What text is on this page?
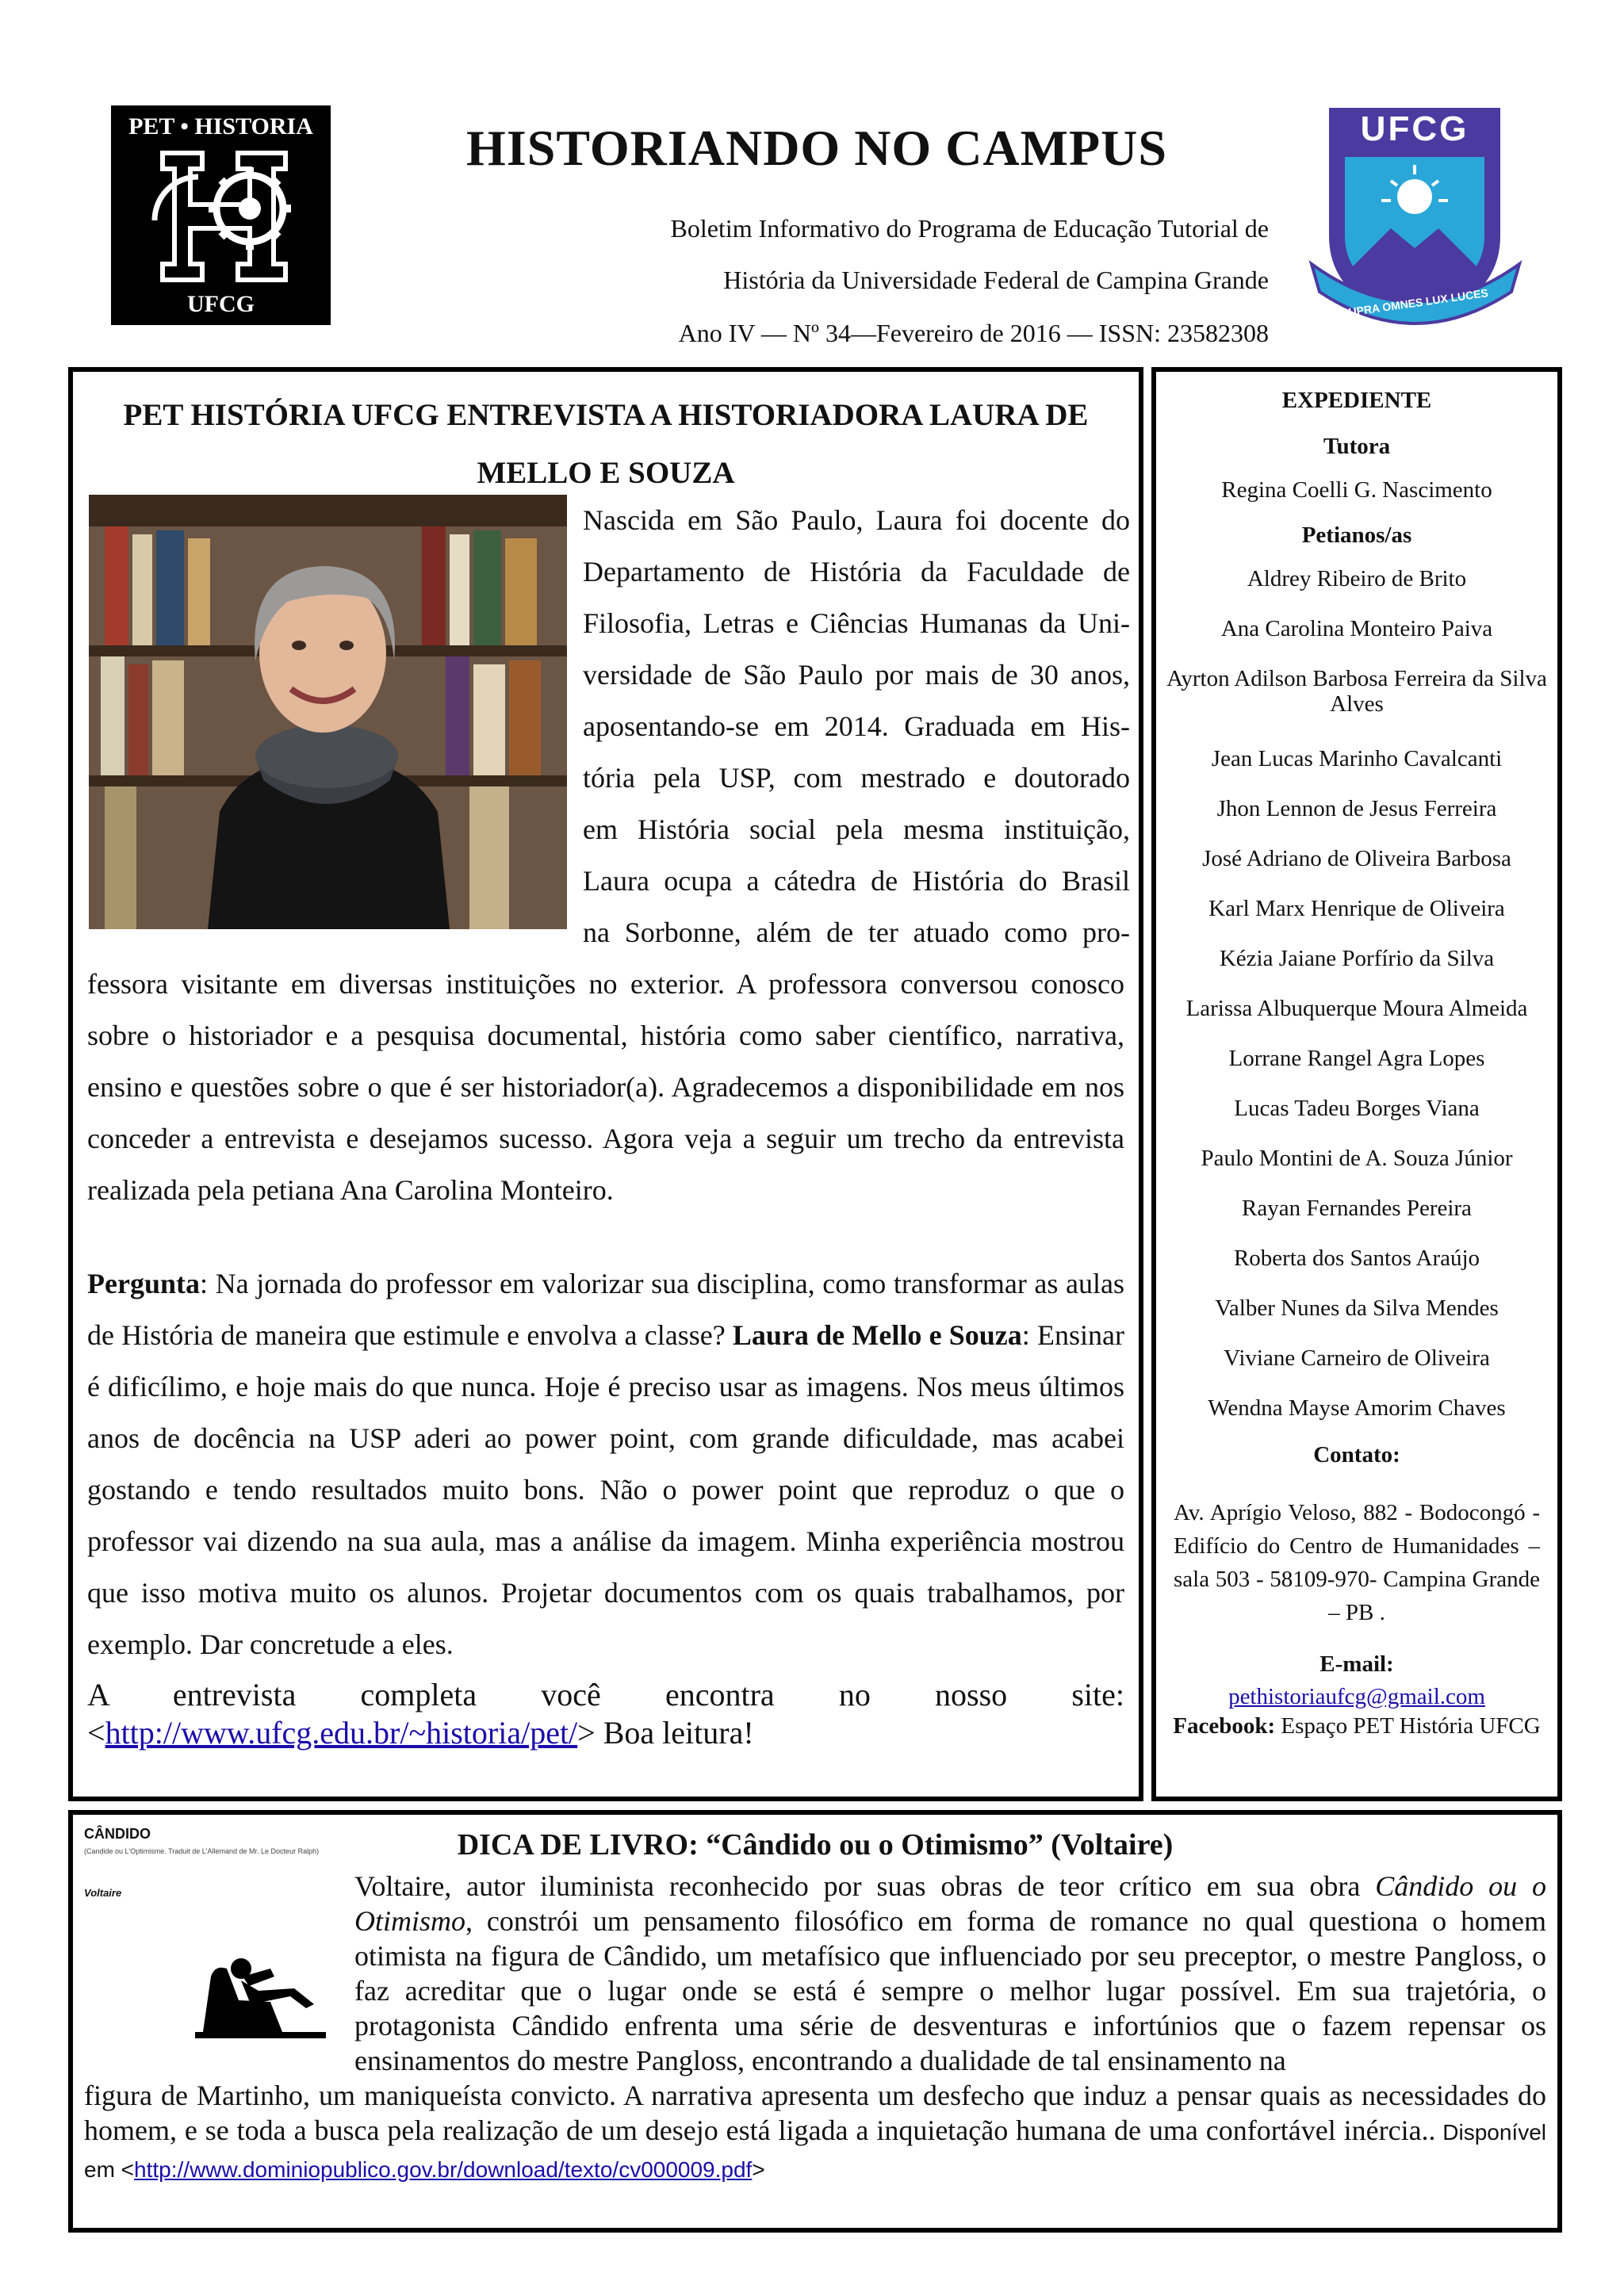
PET • HISTORIA
UFCG
HISTORIANDO NO CAMPUS
Boletim Informativo do Programa de Educação Tutorial de
História da Universidade Federal de Campina Grande
Ano IV — Nº 34—Fevereiro de 2016 — ISSN: 23582308
UFCG
SUPRA OMNES LUX LUCES
PET HISTÓRIA UFCG ENTREVISTA A HISTORIADORA LAURA DE MELLO E SOUZA
Nascida em São Paulo, Laura foi docente do
Departamento de História da Faculdade de
Filosofia, Letras e Ciências Humanas da Uni-
versidade de São Paulo por mais de 30 anos,
aposentando-se em 2014. Graduada em His-
tória pela USP, com mestrado e doutorado
em História social pela mesma instituição,
Laura ocupa a cátedra de História do Brasil
na Sorbonne, além de ter atuado como pro-
fessora visitante em diversas instituições no exterior. A professora conversou conosco sobre o historiador e a pesquisa documental, história como saber científico, narrativa, ensino e questões sobre o que é ser historiador(a). Agradecemos a disponibilidade em nos conceder a entrevista e desejamos sucesso. Agora veja a seguir um trecho da entrevista realizada pela petiana Ana Carolina Monteiro.
Pergunta: Na jornada do professor em valorizar sua disciplina, como transformar as aulas de História de maneira que estimule e envolva a classe? Laura de Mello e Souza: Ensinar é dificílimo, e hoje mais do que nunca. Hoje é preciso usar as imagens. Nos meus últimos anos de docência na USP aderi ao power point, com grande dificuldade, mas acabei gostando e tendo resultados muito bons. Não o power point que reproduz o que o professor vai dizendo na sua aula, mas a análise da imagem. Minha experiência mostrou que isso motiva muito os alunos. Projetar documentos com os quais trabalhamos, por exemplo. Dar concretude a eles.
A entrevista completa você encontra no nosso site: <http://www.ufcg.edu.br/~historia/pet/> Boa leitura!
EXPEDIENTE
Tutora
Regina Coelli G. Nascimento
Petianos/as
Aldrey Ribeiro de Brito
Ana Carolina Monteiro Paiva
Ayrton Adilson Barbosa Ferreira da Silva Alves
Jean Lucas Marinho Cavalcanti
Jhon Lennon de Jesus Ferreira
José Adriano de Oliveira Barbosa
Karl Marx Henrique de Oliveira
Kézia Jaiane Porfírio da Silva
Larissa Albuquerque Moura Almeida
Lorrane Rangel Agra Lopes
Lucas Tadeu Borges Viana
Paulo Montini de A. Souza Júnior
Rayan Fernandes Pereira
Roberta dos Santos Araújo
Valber Nunes da Silva Mendes
Viviane Carneiro de Oliveira
Wendna Mayse Amorim Chaves
Contato:
Av. Aprígio Veloso, 882 - Bodocongó - Edifício do Centro de Humanidades – sala 503 - 58109-970- Campina Grande – PB .
E-mail:
pethistoriaufcg@gmail.com
Facebook: Espaço PET História UFCG
CÂNDIDO
(Candide ou L'Optimisme. Traduit de L'Allemand de Mr. Le Docteur Ralph)
Voltaire
DICA DE LIVRO: “Cândido ou o Otimismo” (Voltaire)
Voltaire, autor iluminista reconhecido por suas obras de teor crítico em sua obra Cândido ou o Otimismo, constrói um pensamento filosófico em forma de romance no qual questiona o homem otimista na figura de Cândido, um metafísico que influenciado por seu preceptor, o mestre Pangloss, o faz acreditar que o lugar onde se está é sempre o melhor lugar possível. Em sua trajetória, o protagonista Cândido enfrenta uma série de desventuras e infortúnios que o fazem repensar os ensinamentos do mestre Pangloss, encontrando a dualidade de tal ensinamento na
figura de Martinho, um maniqueísta convicto. A narrativa apresenta um desfecho que induz a pensar quais as necessidades do homem, e se toda a busca pela realização de um desejo está ligada a inquietação humana de uma confortável inércia.. Disponível em <http://www.dominiopublico.gov.br/download/texto/cv000009.pdf>
